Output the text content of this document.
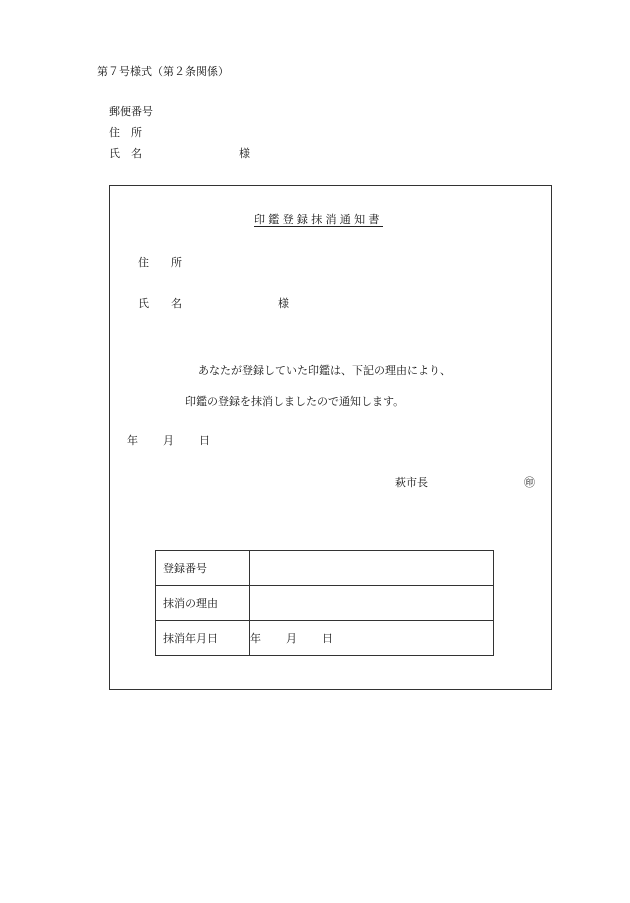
第７号様式（第２条関係）
郵便番号
住　所
氏　名	様
印鑑登録抹消通知書
住　　所
氏　　名	様
あなたが登録していた印鑑は、下記の理由により、
印鑑の登録を抹消しましたので通知します。
年 月 日
萩市長	㊞
登録番号	
抹消の理由	
抹消年月日	年 月 日
